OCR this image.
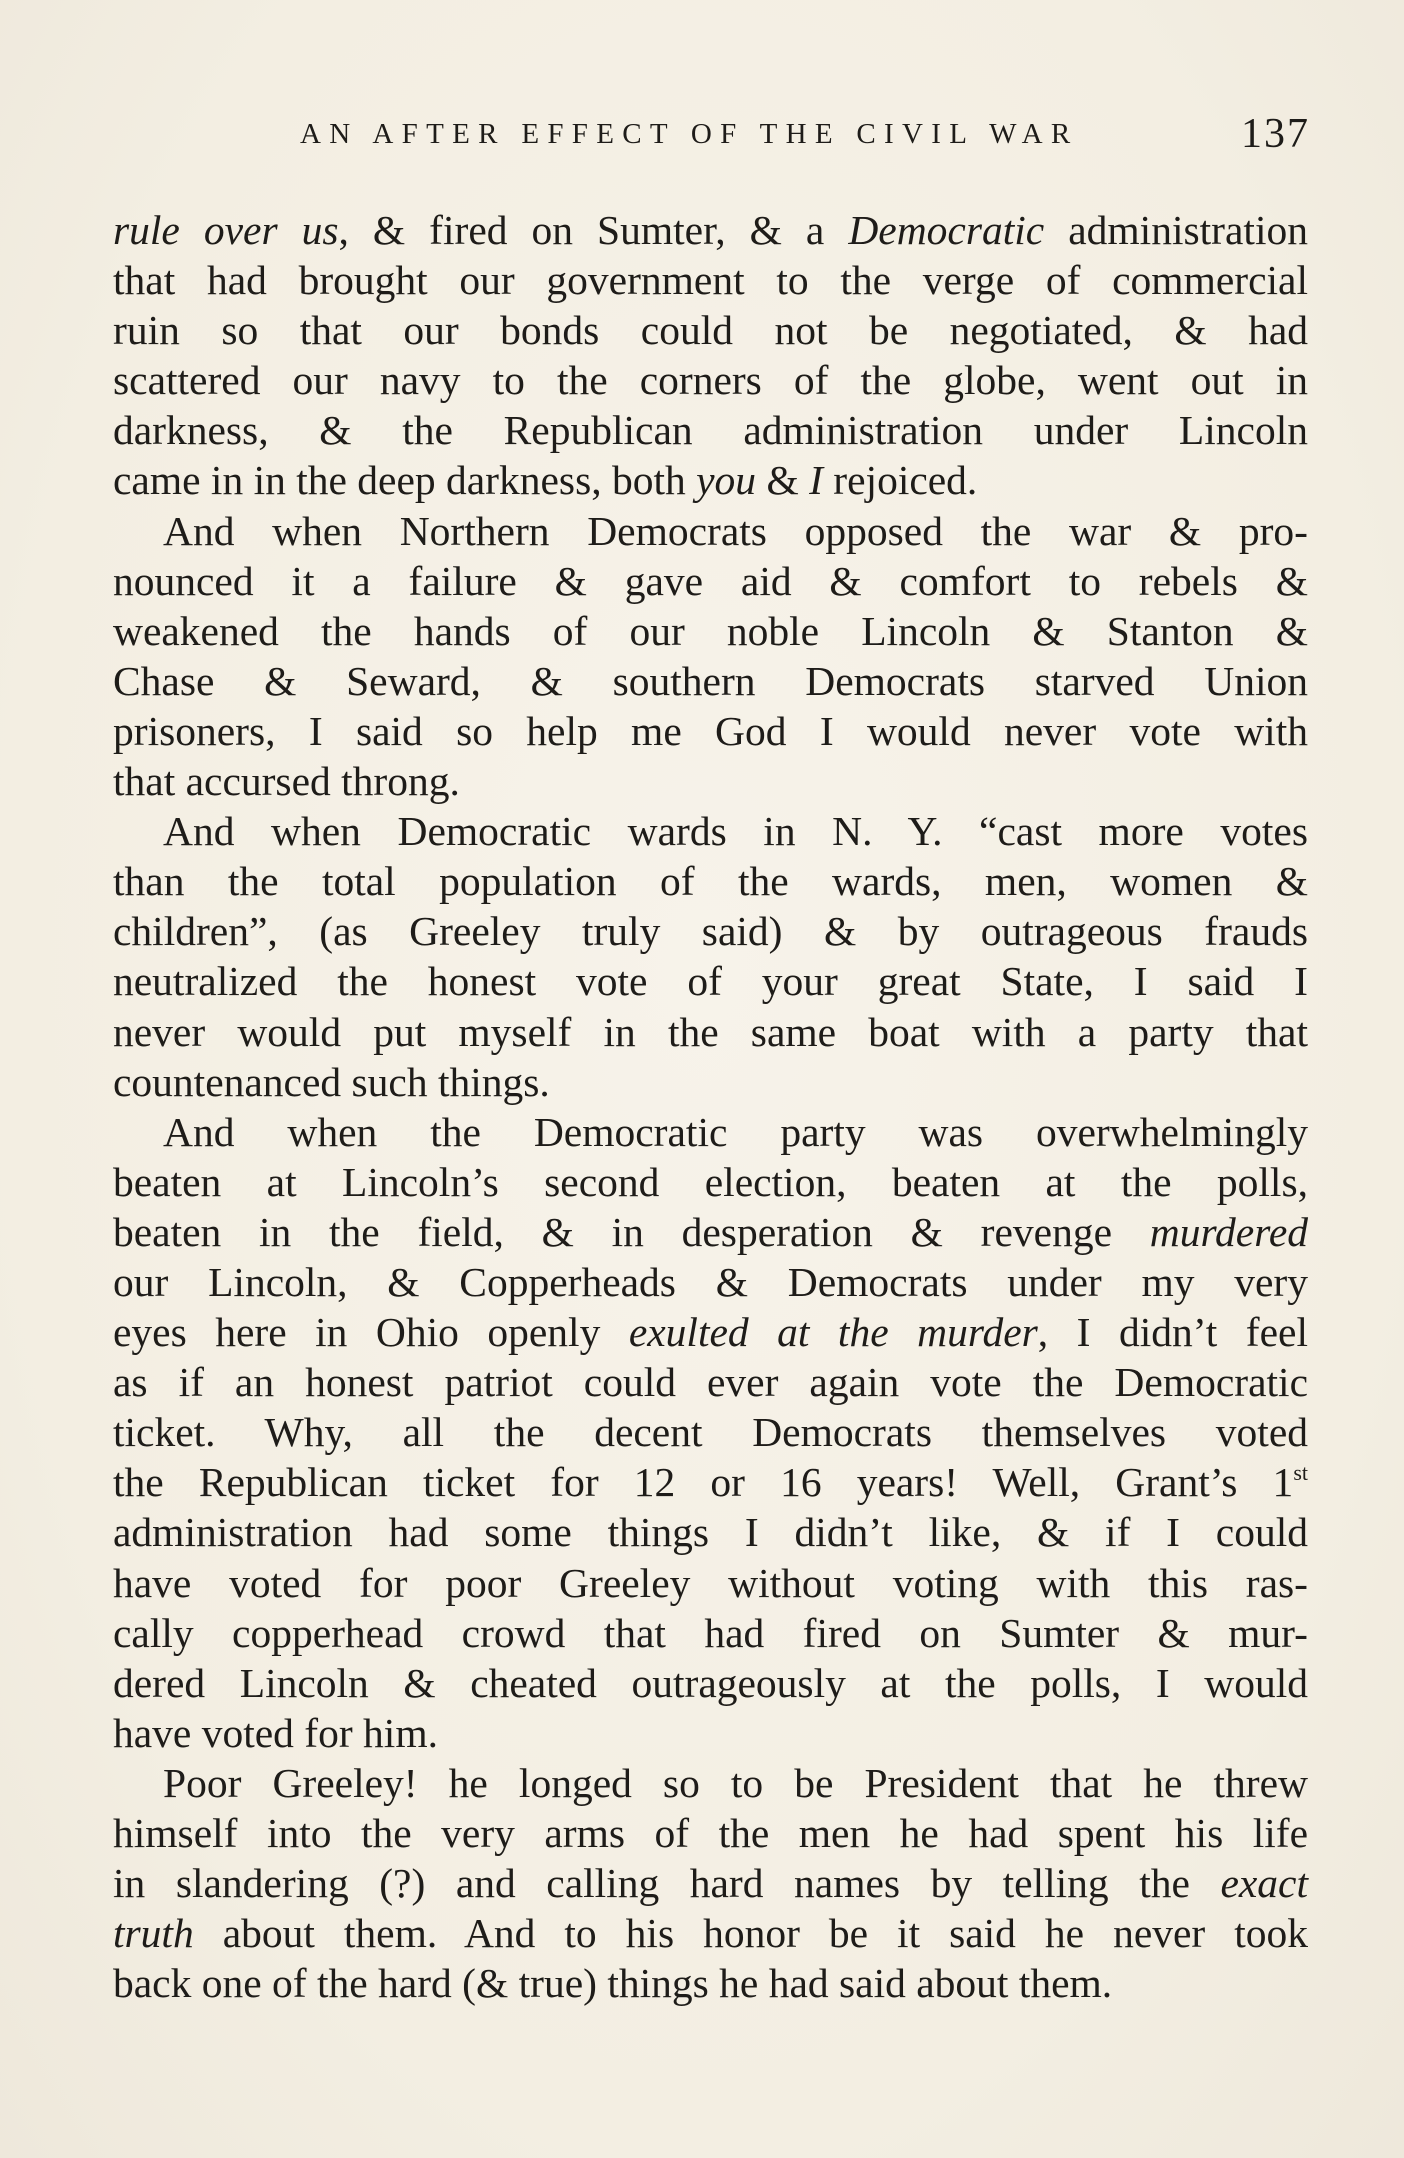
AN AFTER EFFECT OF THE CIVIL WAR	137
rule over us, & fired on Sumter, & a Democratic administration
that had brought our government to the verge of commercial
ruin so that our bonds could not be negotiated, & had
scattered our navy to the corners of the globe, went out in
darkness, & the Republican administration under Lincoln
came in in the deep darkness, both you & I rejoiced.
And when Northern Democrats opposed the war & pro-
nounced it a failure & gave aid & comfort to rebels &
weakened the hands of our noble Lincoln & Stanton &
Chase & Seward, & southern Democrats starved Union
prisoners, I said so help me God I would never vote with
that accursed throng.
And when Democratic wards in N. Y. “cast more votes
than the total population of the wards, men, women &
children”, (as Greeley truly said) & by outrageous frauds
neutralized the honest vote of your great State, I said I
never would put myself in the same boat with a party that
countenanced such things.
And when the Democratic party was overwhelmingly
beaten at Lincoln’s second election, beaten at the polls,
beaten in the field, & in desperation & revenge murdered
our Lincoln, & Copperheads & Democrats under my very
eyes here in Ohio openly exulted at the murder, I didn’t feel
as if an honest patriot could ever again vote the Democratic
ticket. Why, all the decent Democrats themselves voted
the Republican ticket for 12 or 16 years! Well, Grant’s 1st
administration had some things I didn’t like, & if I could
have voted for poor Greeley without voting with this ras-
cally copperhead crowd that had fired on Sumter & mur-
dered Lincoln & cheated outrageously at the polls, I would
have voted for him.
Poor Greeley! he longed so to be President that he threw
himself into the very arms of the men he had spent his life
in slandering (?) and calling hard names by telling the exact
truth about them. And to his honor be it said he never took
back one of the hard (& true) things he had said about them.
